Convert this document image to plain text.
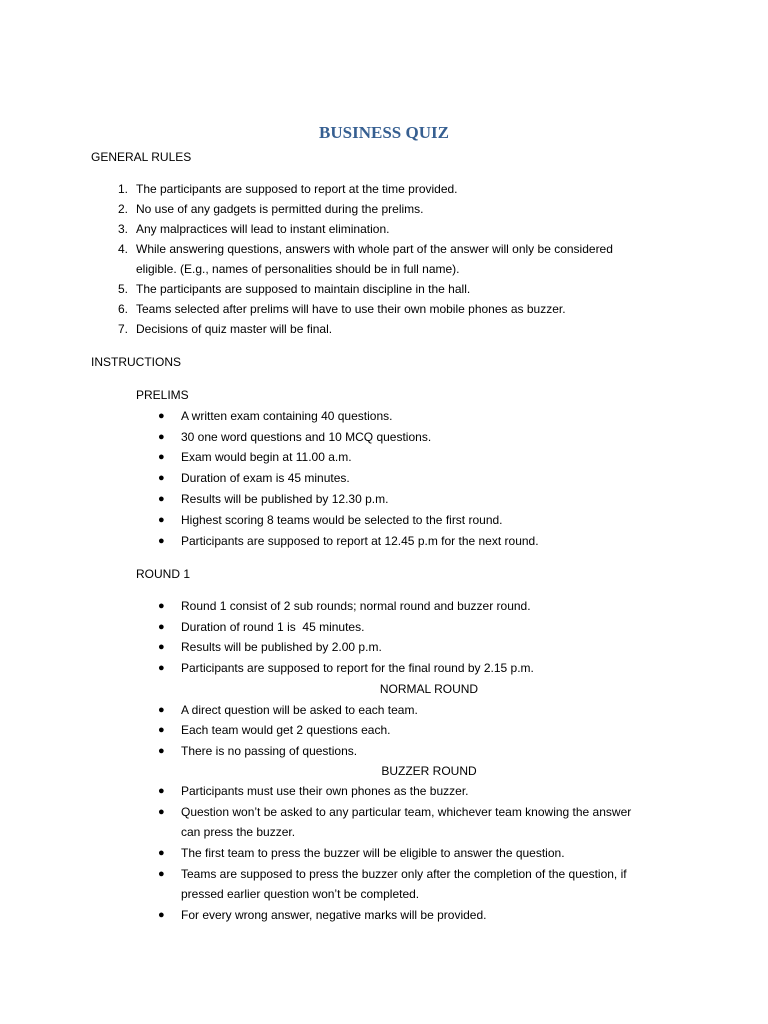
BUSINESS QUIZ
GENERAL RULES
1. The participants are supposed to report at the time provided.
2. No use of any gadgets is permitted during the prelims.
3. Any malpractices will lead to instant elimination.
4. While answering questions, answers with whole part of the answer will only be considered
eligible. (E.g., names of personalities should be in full name).
5. The participants are supposed to maintain discipline in the hall.
6. Teams selected after prelims will have to use their own mobile phones as buzzer.
7. Decisions of quiz master will be final.
INSTRUCTIONS
PRELIMS
● A written exam containing 40 questions.
● 30 one word questions and 10 MCQ questions.
● Exam would begin at 11.00 a.m.
● Duration of exam is 45 minutes.
● Results will be published by 12.30 p.m.
● Highest scoring 8 teams would be selected to the first round.
● Participants are supposed to report at 12.45 p.m for the next round.
ROUND 1
● Round 1 consist of 2 sub rounds; normal round and buzzer round.
● Duration of round 1 is  45 minutes.
● Results will be published by 2.00 p.m.
● Participants are supposed to report for the final round by 2.15 p.m.
NORMAL ROUND
● A direct question will be asked to each team.
● Each team would get 2 questions each.
● There is no passing of questions.
BUZZER ROUND
● Participants must use their own phones as the buzzer.
● Question won’t be asked to any particular team, whichever team knowing the answer
can press the buzzer.
● The first team to press the buzzer will be eligible to answer the question.
● Teams are supposed to press the buzzer only after the completion of the question, if
pressed earlier question won’t be completed.
● For every wrong answer, negative marks will be provided.
